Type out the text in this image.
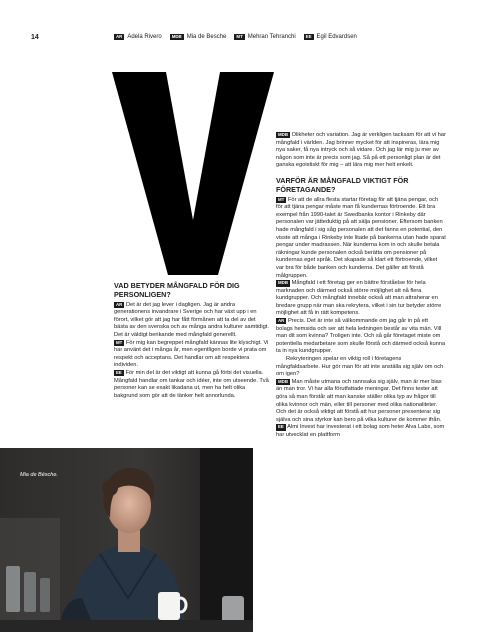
14	AR Adela Rivero	MDB Mia de Besche	MT Mehran Tehranchi	EE Egil Edvardsen
VAD BETYDER MÅNGFALD FÖR DIG PERSONLIGEN?

AR Det är det jag lever i dagligen. Jag är andra generationens invandrare i Sverige och har växt upp i en förort, vilket gör att jag har fått förmånen att ta del av det bästa av den svenska och av många andra kulturer samtidigt. Det är väldigt berikande med mångfald generellt.

MT För mig kan begreppet mångfald kännas lite klyschigt. Vi har använt det i många år, men egentligen borde vi prata om respekt och acceptans. Det handlar om att respektera individen.

EE För min del är det viktigt att kunna gå förbi det visuella. Mångfald handlar om tankar och idéer, inte om utseende. Två personer kan se exakt likadana ut, men ha helt olika bakgrund som gör att de tänker helt annorlunda.

MDB Olikheter och variation. Jag är verkligen tacksam för att vi har mångfald i världen. Jag brinner mycket för att inspireras, lära mig nya saker, få nya intryck och så vidare. Och jag lär mig ju mer av någon som inte är precis som jag. Så på ett personligt plan är det ganska egoistiskt för mig – att lära mig mer helt enkelt.

VARFÖR ÄR MÅNGFALD VIKTIGT FÖR FÖRETAGANDE?

MT För att de allra flesta startar företag för att tjäna pengar, och för att tjäna pengar måste man få kundernas förtroende. Ett bra exempel från 1990-talet är Swedbanks kontor i Rinkeby där personalen var jätteduktig på att sälja pensioner. Eftersom banken hade mångfald i sig såg personalen att det fanns en potential, den visste att många i Rinkeby inte litade på bankerna utan hade sparat pengar under madrassen. När kunderna kom in och skulle betala räkningar kunde personalen också berätta om pensioner på kundernas eget språk. Det skapade så klart ett förtroende, vilket var bra för både banken och kunderna. Det gäller att förstå målgruppen.

MDB Mångfald i ett företag ger en bättre förståelse för hela marknaden och därmed också större möjlighet att nå flera kundgrupper. Och mångfald innebär också att man attraherar en bredare grupp när man ska rekrytera, vilket i sin tur betyder större möjlighet att få in rätt kompetens.

AR Precis. Det är inte så välkommande om jag går in på ett bolags hemsida och ser att hela ledningen består av vita män. Vill man dit som kvinna? Troligen inte. Och så går företaget miste om potentiella medarbetare som skulle förstå och därmed också kunna ta in nya kundgrupper.

Rekryteringen spelar en viktig roll i företagens mångfaldsarbete. Hur gör man för att inte anställa sig själv om och om igen?

MDB Man måste utmana och rannsaka sig själv, man är mer bias än man tror. Vi har alla förutfattade meningar. Det finns tester att göra så man förstår att man kanske ställer olika typ av frågor till olika kvinnor och män, eller till personer med olika nationaliteter. Och det är också viktigt att förstå att hur personer presenterar sig själva och sina styrkor kan bero på vilka kulturer de kommer ifrån.

EE Almi Invest har investerat i ett bolag som heter Alva Labs, som har utvecklat en plattform

Mia de Bésche.
